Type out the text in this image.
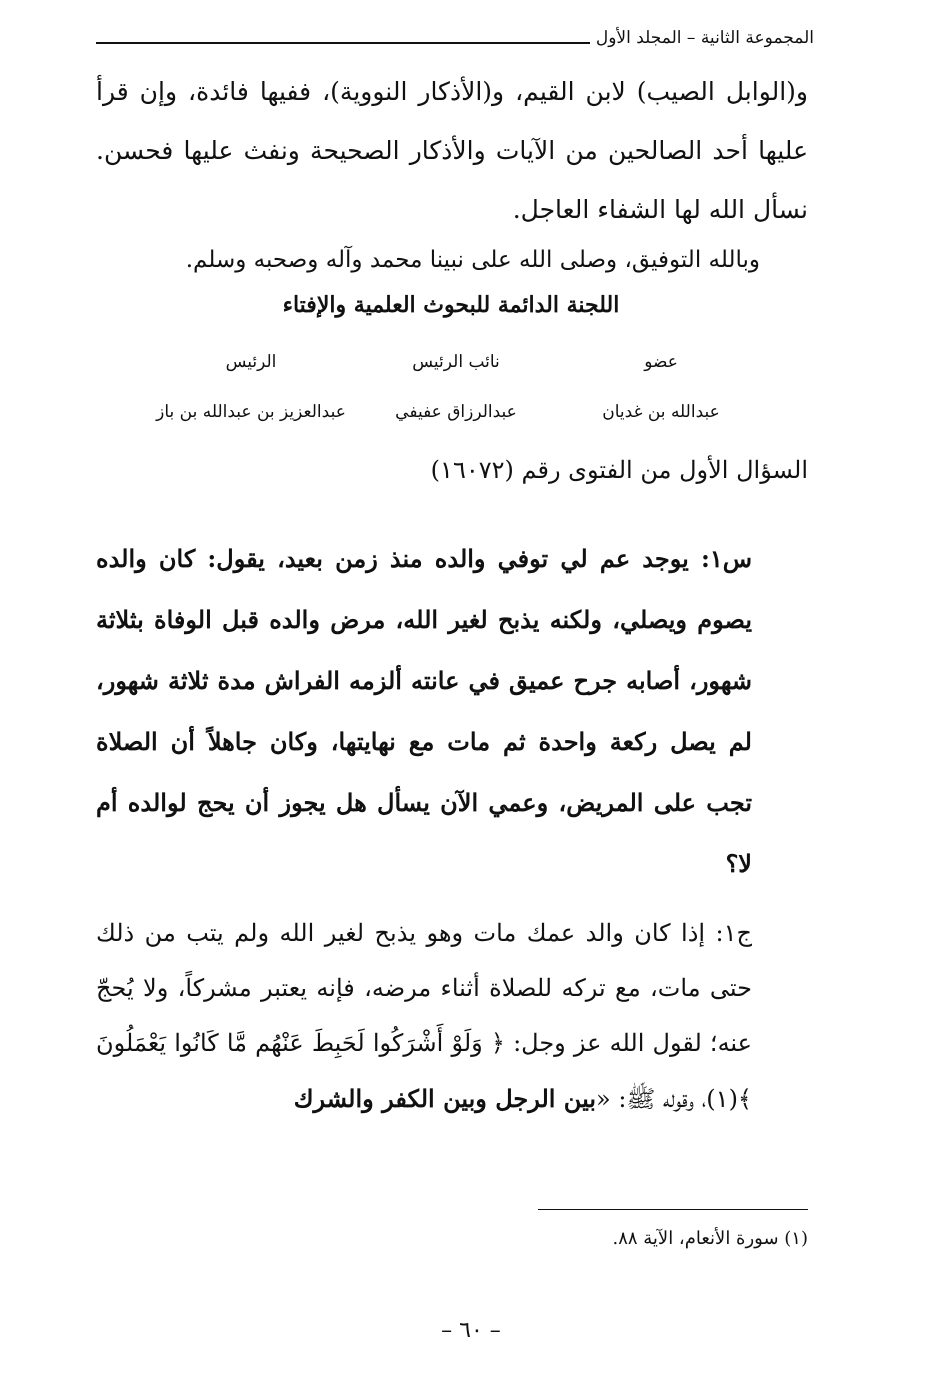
المجموعة الثانية – المجلد الأول
و(الوابل الصيب) لابن القيم، و(الأذكار النووية)، ففيها فائدة، وإن قرأ عليها أحد الصالحين من الآيات والأذكار الصحيحة ونفث عليها فحسن. نسأل الله لها الشفاء العاجل.
وبالله التوفيق، وصلى الله على نبينا محمد وآله وصحبه وسلم.
اللجنة الدائمة للبحوث العلمية والإفتاء
عضو
نائب الرئيس
الرئيس
عبدالله بن غديان
عبدالرزاق عفيفي
عبدالعزيز بن عبدالله بن باز
السؤال الأول من الفتوى رقم (١٦٠٧٢)
س١: يوجد عم لي توفي والده منذ زمن بعيد، يقول: كان والده يصوم ويصلي، ولكنه يذبح لغير الله، مرض والده قبل الوفاة بثلاثة شهور، أصابه جرح عميق في عانته ألزمه الفراش مدة ثلاثة شهور، لم يصل ركعة واحدة ثم مات مع نهايتها، وكان جاهلاً أن الصلاة تجب على المريض، وعمي الآن يسأل هل يجوز أن يحج لوالده أم لا؟
ج١: إذا كان والد عمك مات وهو يذبح لغير الله ولم يتب من ذلك حتى مات، مع تركه للصلاة أثناء مرضه، فإنه يعتبر مشركاً، ولا يُحجّ عنه؛ لقول الله عز وجل: ﴿ وَلَوْ أَشْرَكُوا لَحَبِطَ عَنْهُم مَّا كَانُوا يَعْمَلُونَ ﴾(١)، وقوله ﷺ: «بين الرجل وبين الكفر والشرك
(١) سورة الأنعام، الآية ٨٨.
– ٦٠ –
